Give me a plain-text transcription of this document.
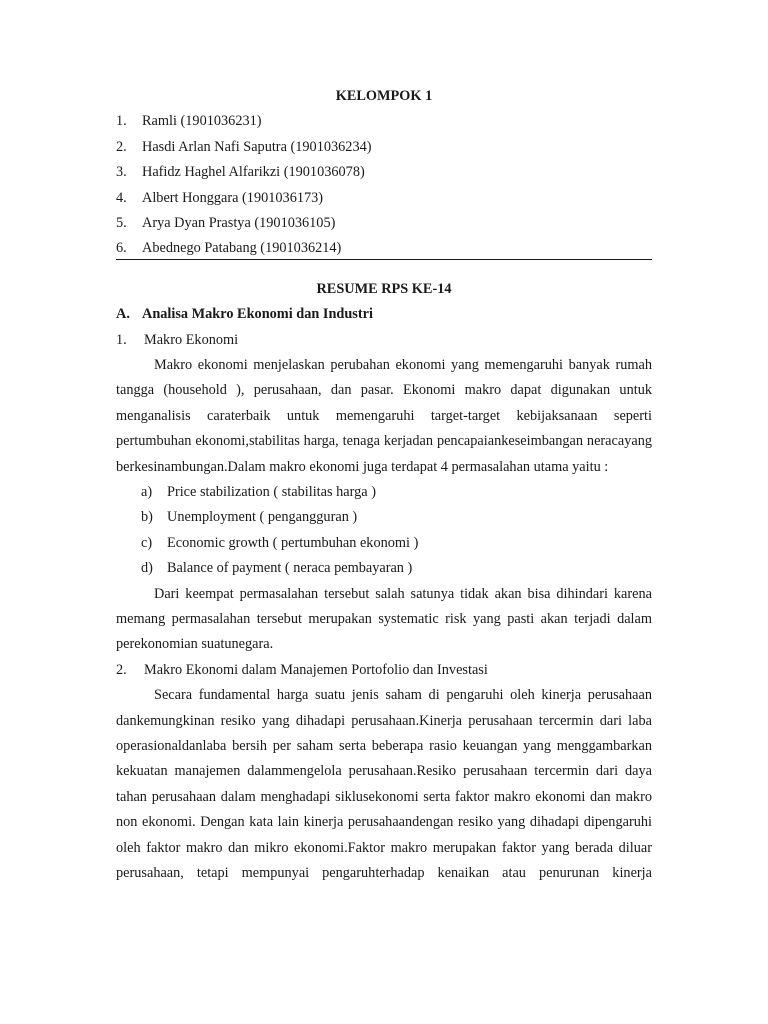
KELOMPOK 1

1.	Ramli (1901036231)
2.	Hasdi Arlan Nafi Saputra (1901036234)
3.	Hafidz Haghel Alfarikzi (1901036078)
4.	Albert Honggara (1901036173)
5.	Arya Dyan Prastya (1901036105)
6.	Abednego Patabang (1901036214)

RESUME RPS KE-14

A. Analisa Makro Ekonomi dan Industri
1.	Makro Ekonomi

Makro ekonomi menjelaskan perubahan ekonomi yang memengaruhi banyak rumah tangga (household ), perusahaan, dan pasar. Ekonomi makro dapat digunakan untuk menganalisis caraterbaik untuk memengaruhi target-target kebijaksanaan seperti pertumbuhan ekonomi,stabilitas harga, tenaga kerjadan pencapaiankeseimbangan neracayang berkesinambungan.Dalam makro ekonomi juga terdapat 4 permasalahan utama yaitu :

a)	Price stabilization ( stabilitas harga )
b) Unemployment ( pengangguran )
c)	Economic growth ( pertumbuhan ekonomi )
d) Balance of payment ( neraca pembayaran )

Dari keempat permasalahan tersebut salah satunya tidak akan bisa dihindari karena memang permasalahan tersebut merupakan systematic risk yang pasti akan terjadi dalam perekonomian suatunegara.

2.	Makro Ekonomi dalam Manajemen Portofolio dan Investasi

Secara fundamental harga suatu jenis saham di pengaruhi oleh kinerja perusahaan dankemungkinan resiko yang dihadapi perusahaan.Kinerja perusahaan tercermin dari laba operasionaldanlaba bersih per saham serta beberapa rasio keuangan yang menggambarkan kekuatan manajemen dalammengelola perusahaan.Resiko perusahaan tercermin dari daya tahan perusahaan dalam menghadapi siklusekonomi serta faktor makro ekonomi dan makro non ekonomi. Dengan kata lain kinerja perusahaandengan resiko yang dihadapi dipengaruhi oleh faktor makro dan mikro ekonomi.Faktor makro merupakan faktor yang berada diluar perusahaan, tetapi mempunyai pengaruhterhadap kenaikan atau penurunan kinerja
